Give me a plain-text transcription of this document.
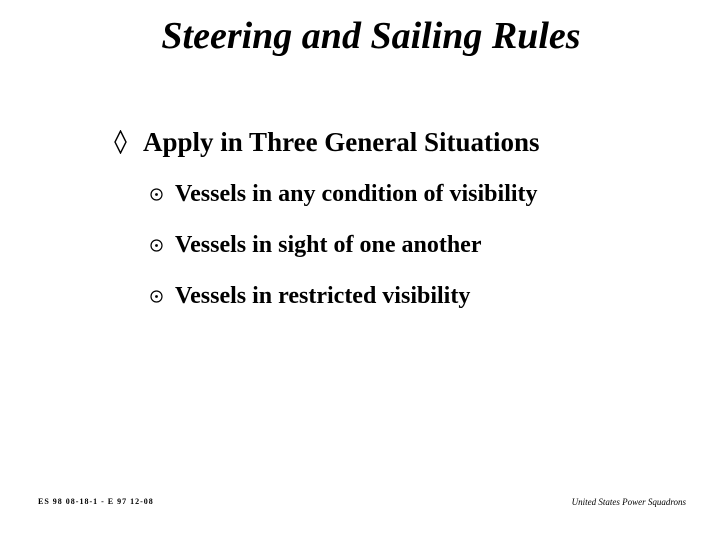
Steering and Sailing Rules
Apply in Three General Situations
Vessels in any condition of visibility
Vessels in sight of one another
Vessels in restricted visibility
ES 98 08-18-1 - E 97 12-08	United States Power Squadrons
